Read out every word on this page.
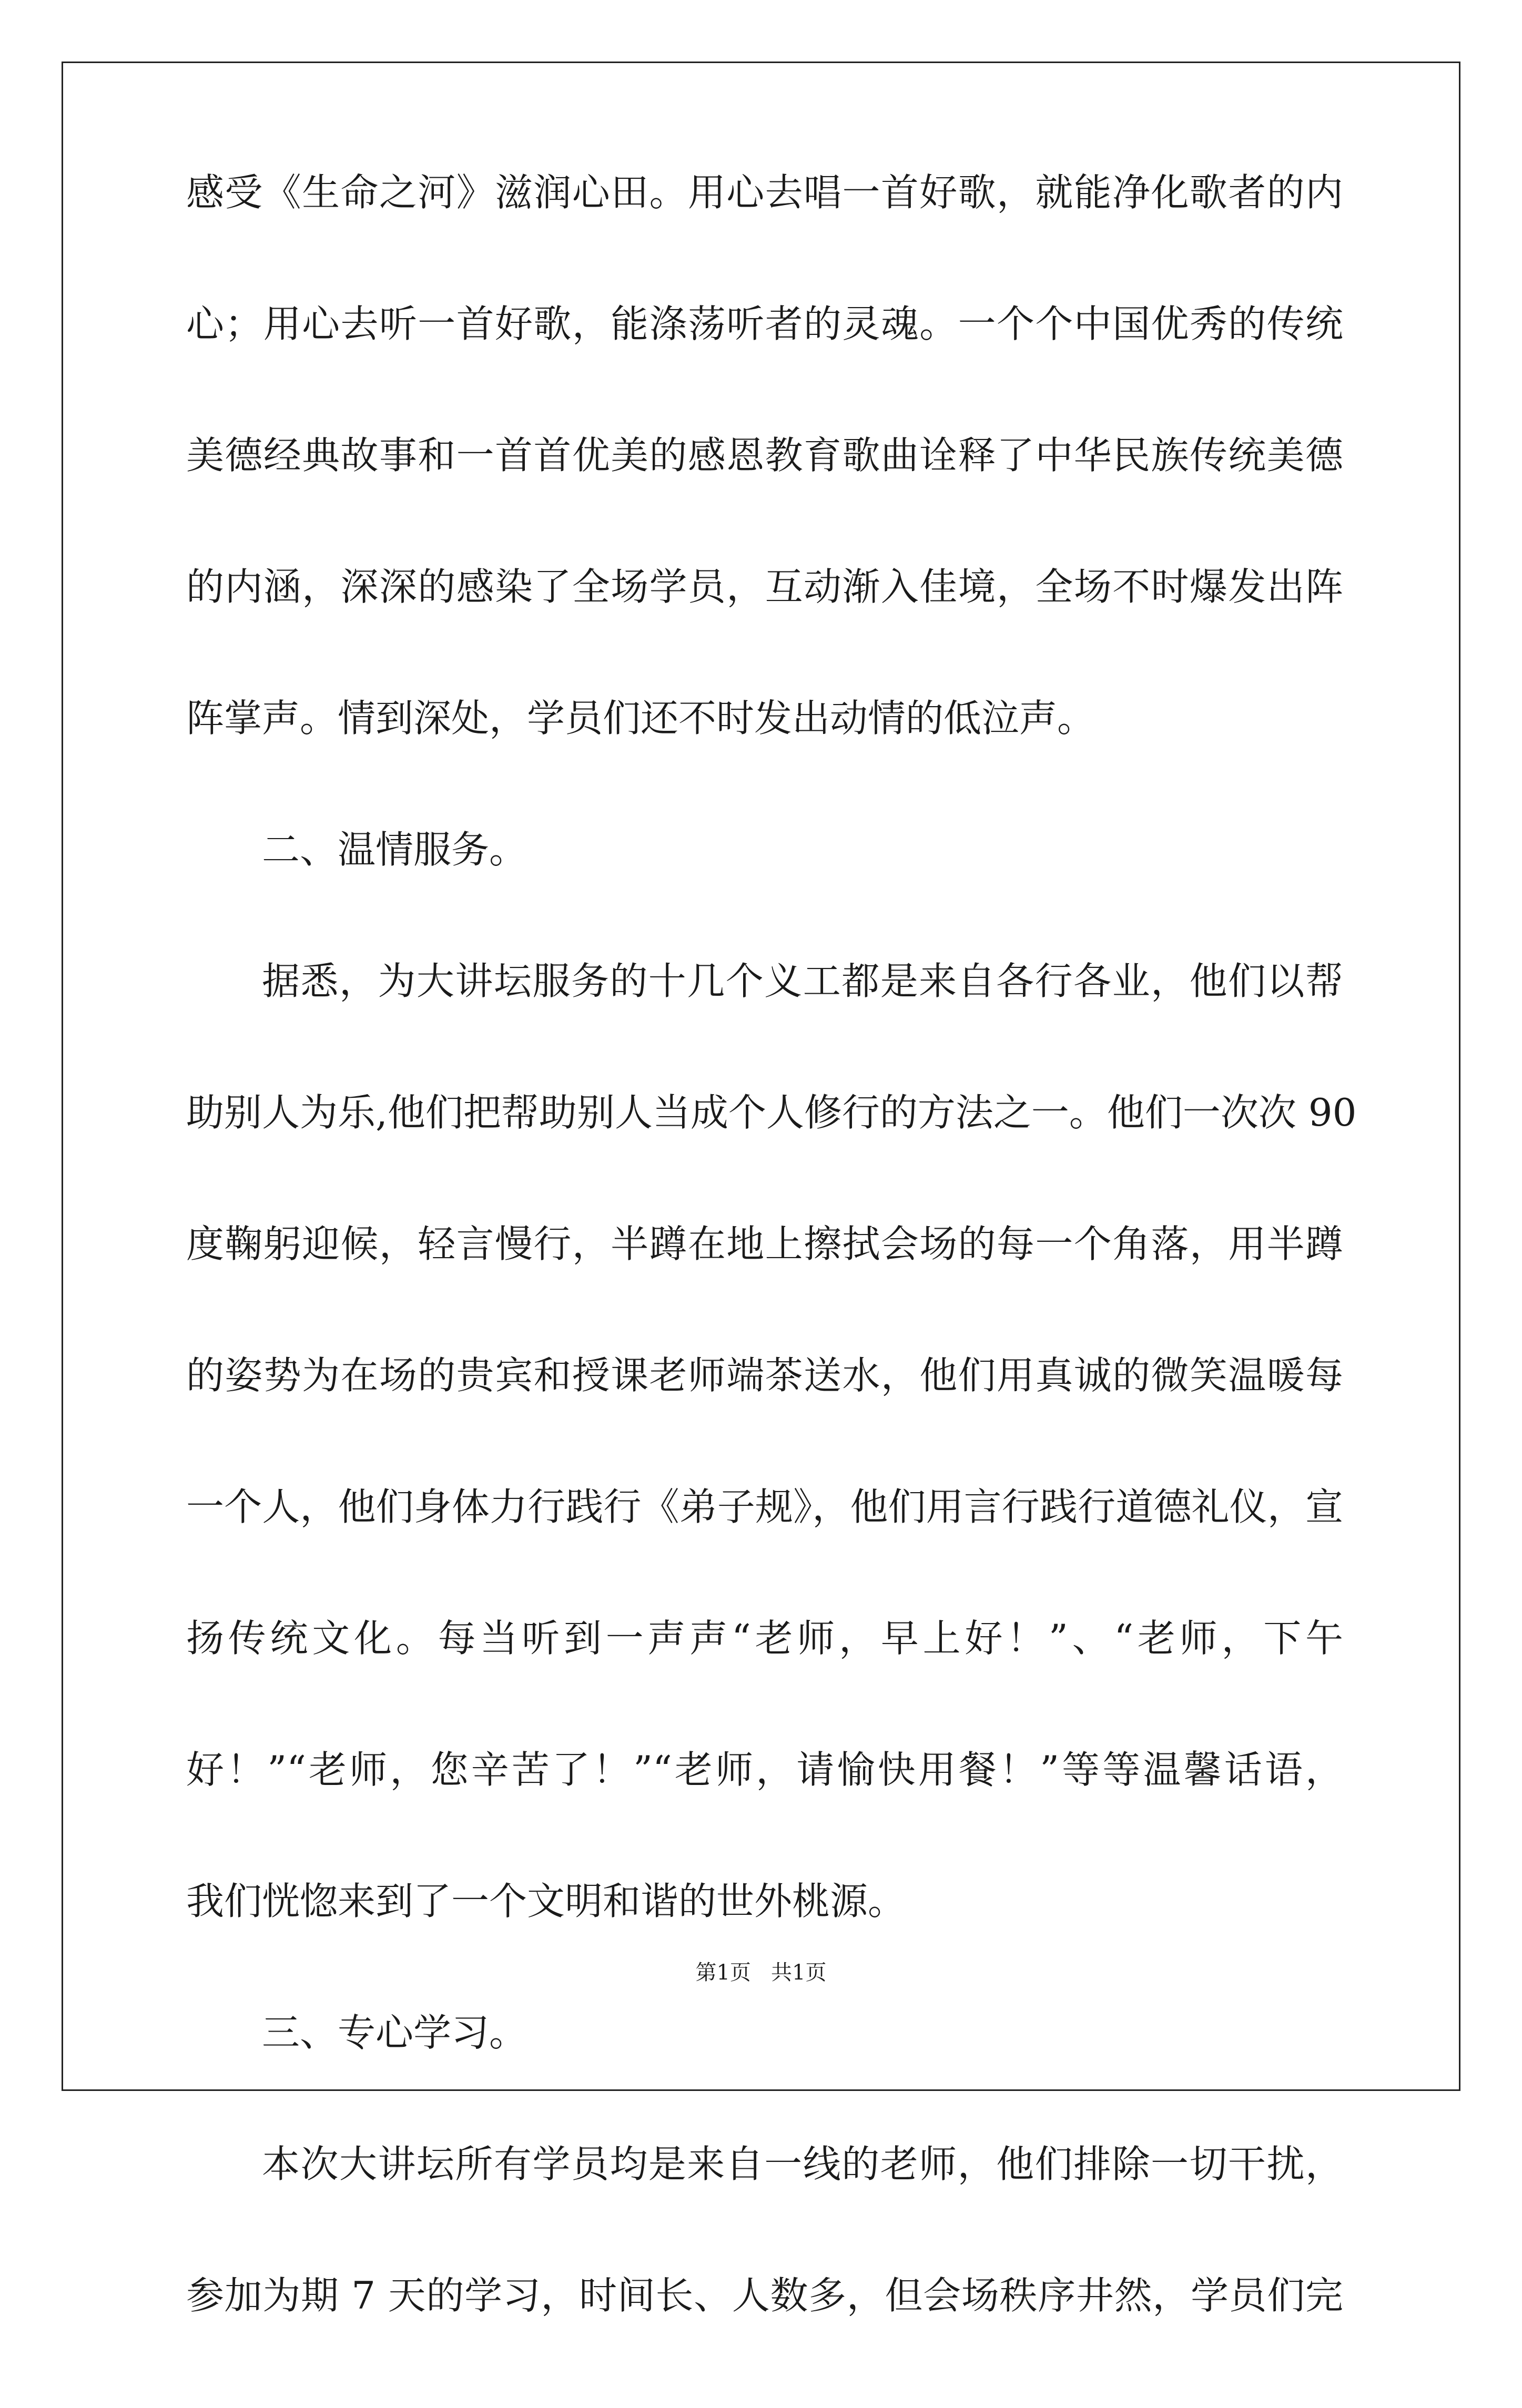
感受《生命之河》滋润心田。用心去唱一首好歌，就能净化歌者的内
心；用心去听一首好歌，能涤荡听者的灵魂。一个个中国优秀的传统
美德经典故事和一首首优美的感恩教育歌曲诠释了中华民族传统美德
的内涵，深深的感染了全场学员，互动渐入佳境，全场不时爆发出阵
阵掌声。情到深处，学员们还不时发出动情的低泣声。
二、温情服务。
据悉，为大讲坛服务的十几个义工都是来自各行各业，他们以帮
助别人为乐,他们把帮助别人当成个人修行的方法之一。他们一次次 90
度鞠躬迎候，轻言慢行，半蹲在地上擦拭会场的每一个角落，用半蹲
的姿势为在场的贵宾和授课老师端茶送水，他们用真诚的微笑温暖每
一个人，他们身体力行践行《弟子规》，他们用言行践行道德礼仪，宣
扬传统文化。每当听到一声声“老师，早上好！”、“老师，下午
好！”“老师，您辛苦了！”“老师，请愉快用餐！”等等温馨话语，
我们恍惚来到了一个文明和谐的世外桃源。
三、专心学习。
本次大讲坛所有学员均是来自一线的老师，他们排除一切干扰，
参加为期 7 天的学习，时间长、人数多，但会场秩序井然，学员们完
第1页   共1页
